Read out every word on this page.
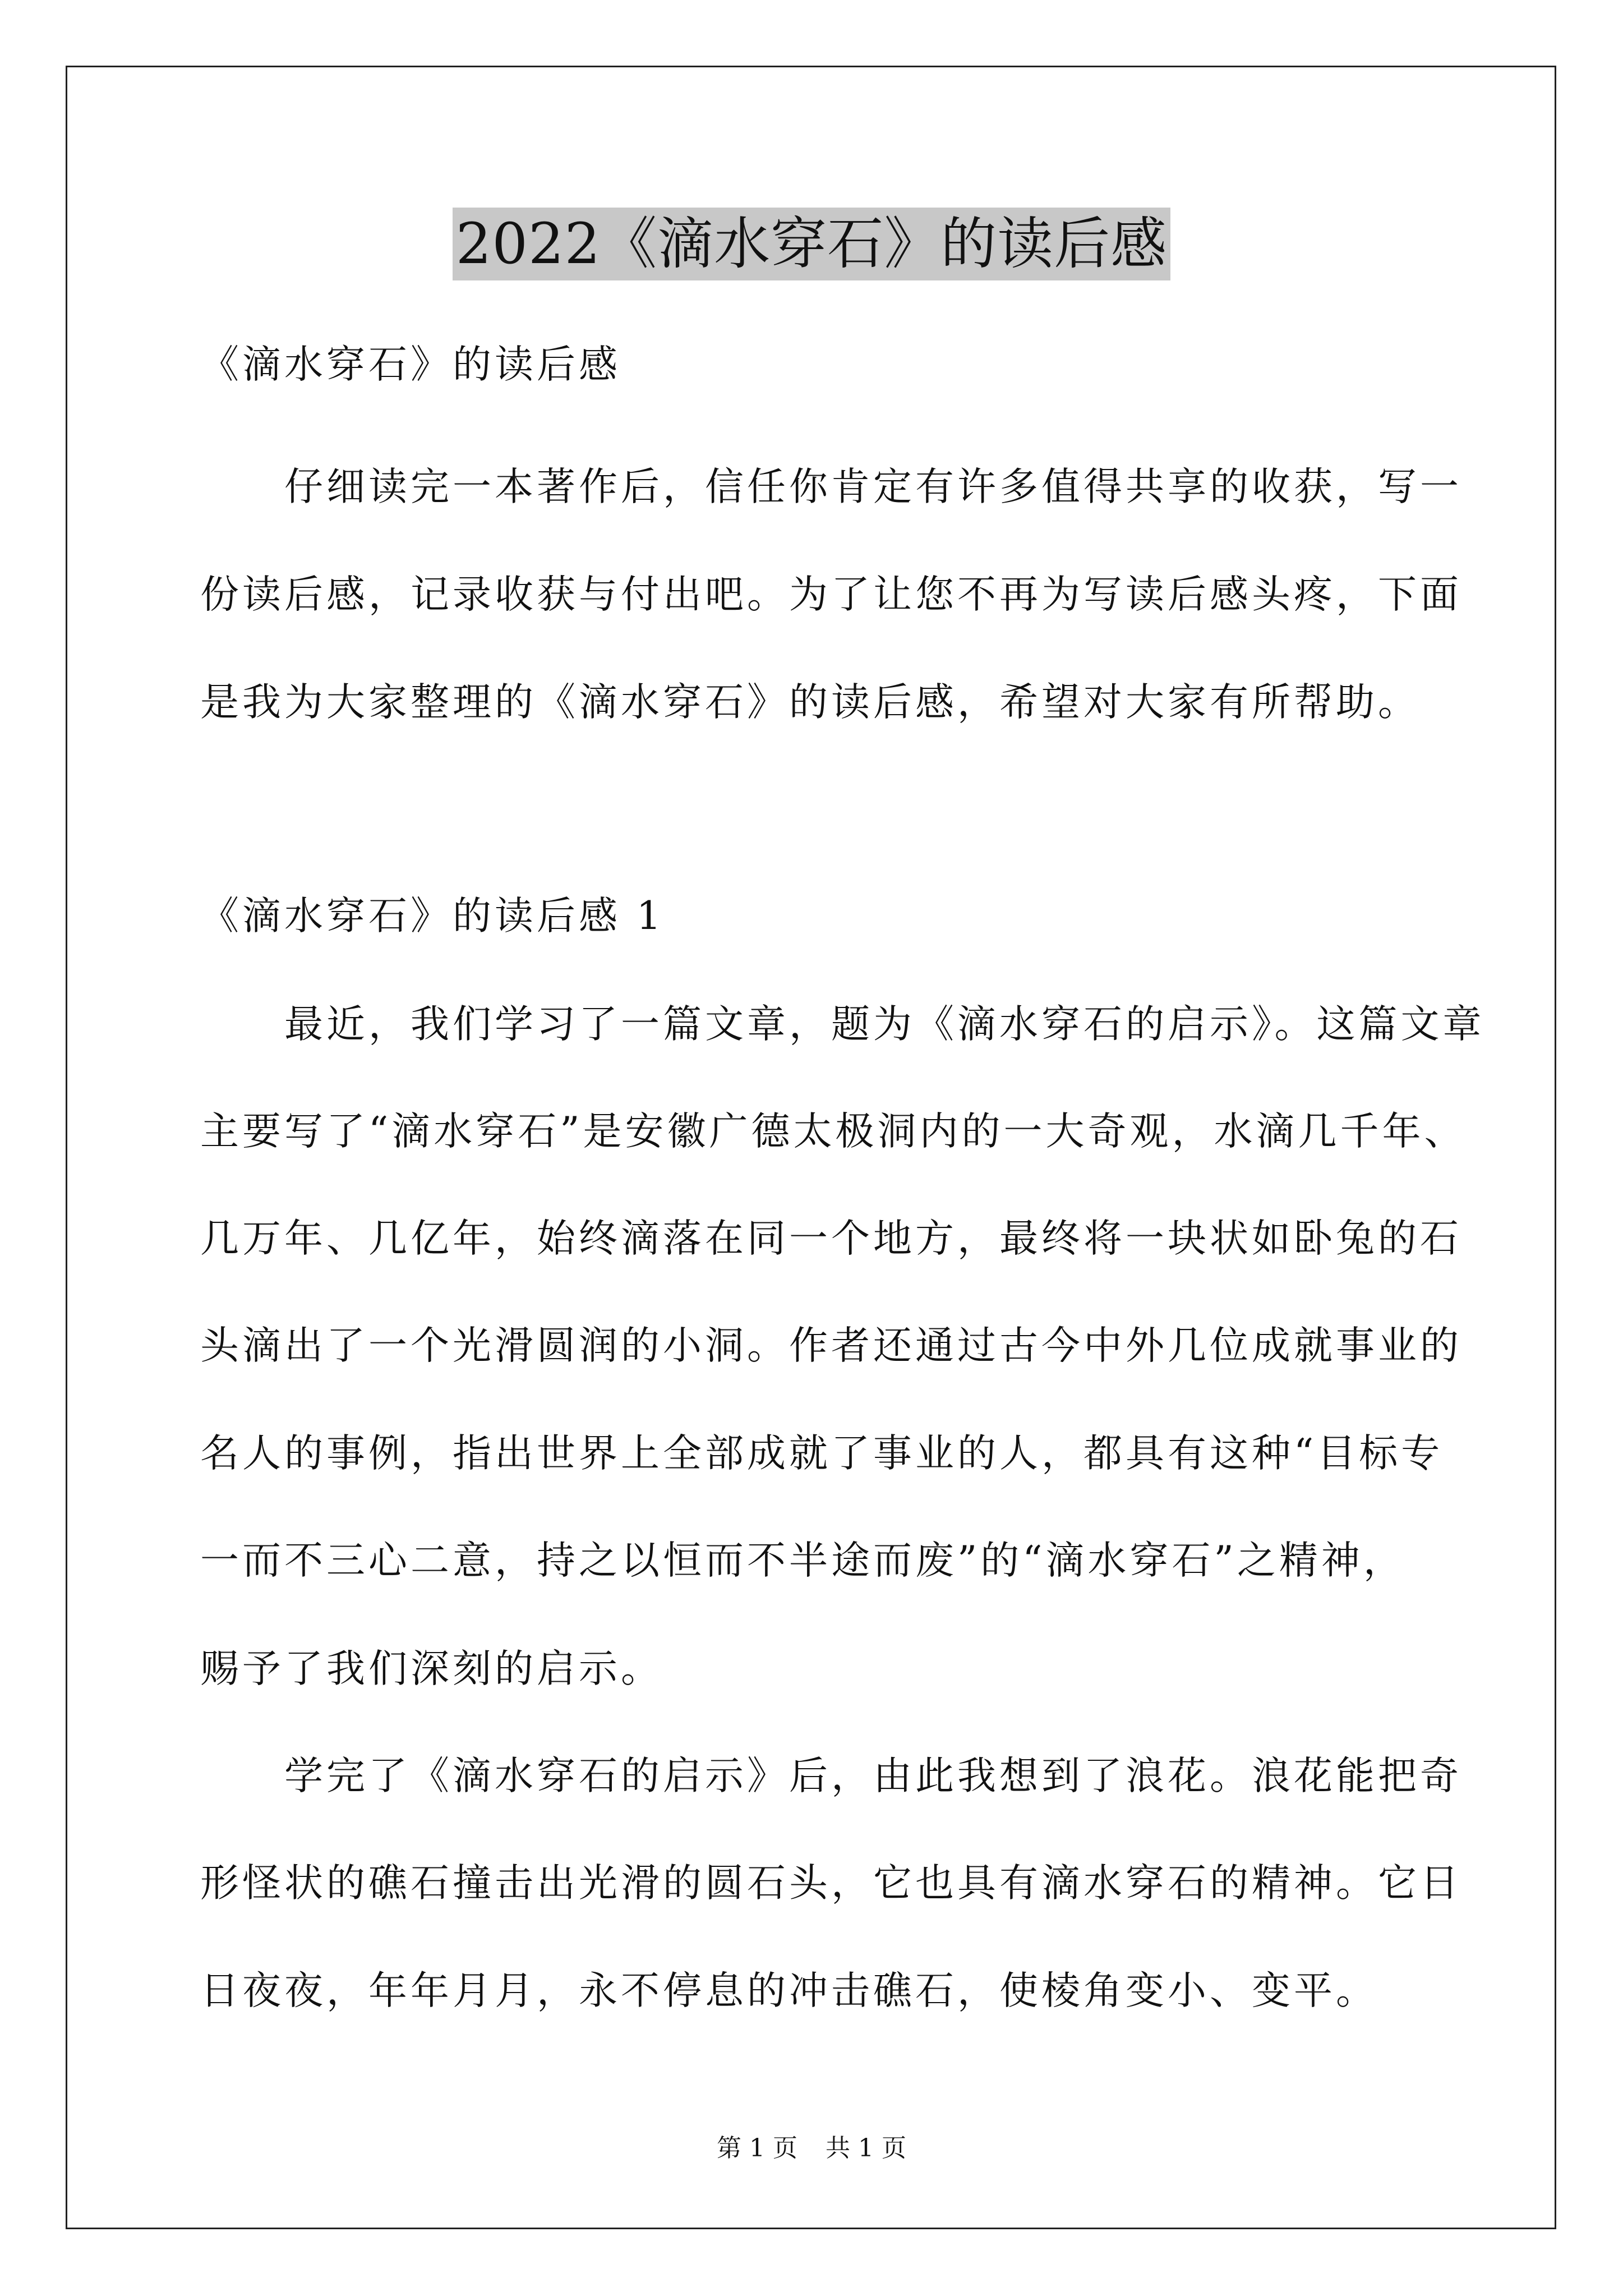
2022《滴水穿石》的读后感
《滴水穿石》的读后感
　　仔细读完一本著作后，信任你肯定有许多值得共享的收获，写一
份读后感，记录收获与付出吧。为了让您不再为写读后感头疼，下面
是我为大家整理的《滴水穿石》的读后感，希望对大家有所帮助。
《滴水穿石》的读后感 1
　　最近，我们学习了一篇文章，题为《滴水穿石的启示》。这篇文章
主要写了“滴水穿石”是安徽广德太极洞内的一大奇观，水滴几千年、
几万年、几亿年，始终滴落在同一个地方，最终将一块状如卧兔的石
头滴出了一个光滑圆润的小洞。作者还通过古今中外几位成就事业的
名人的事例，指出世界上全部成就了事业的人，都具有这种“目标专
一而不三心二意，持之以恒而不半途而废”的“滴水穿石”之精神，
赐予了我们深刻的启示。
　　学完了《滴水穿石的启示》后，由此我想到了浪花。浪花能把奇
形怪状的礁石撞击出光滑的圆石头，它也具有滴水穿石的精神。它日
日夜夜，年年月月，永不停息的冲击礁石，使棱角变小、变平。
第 1 页 共 1 页
